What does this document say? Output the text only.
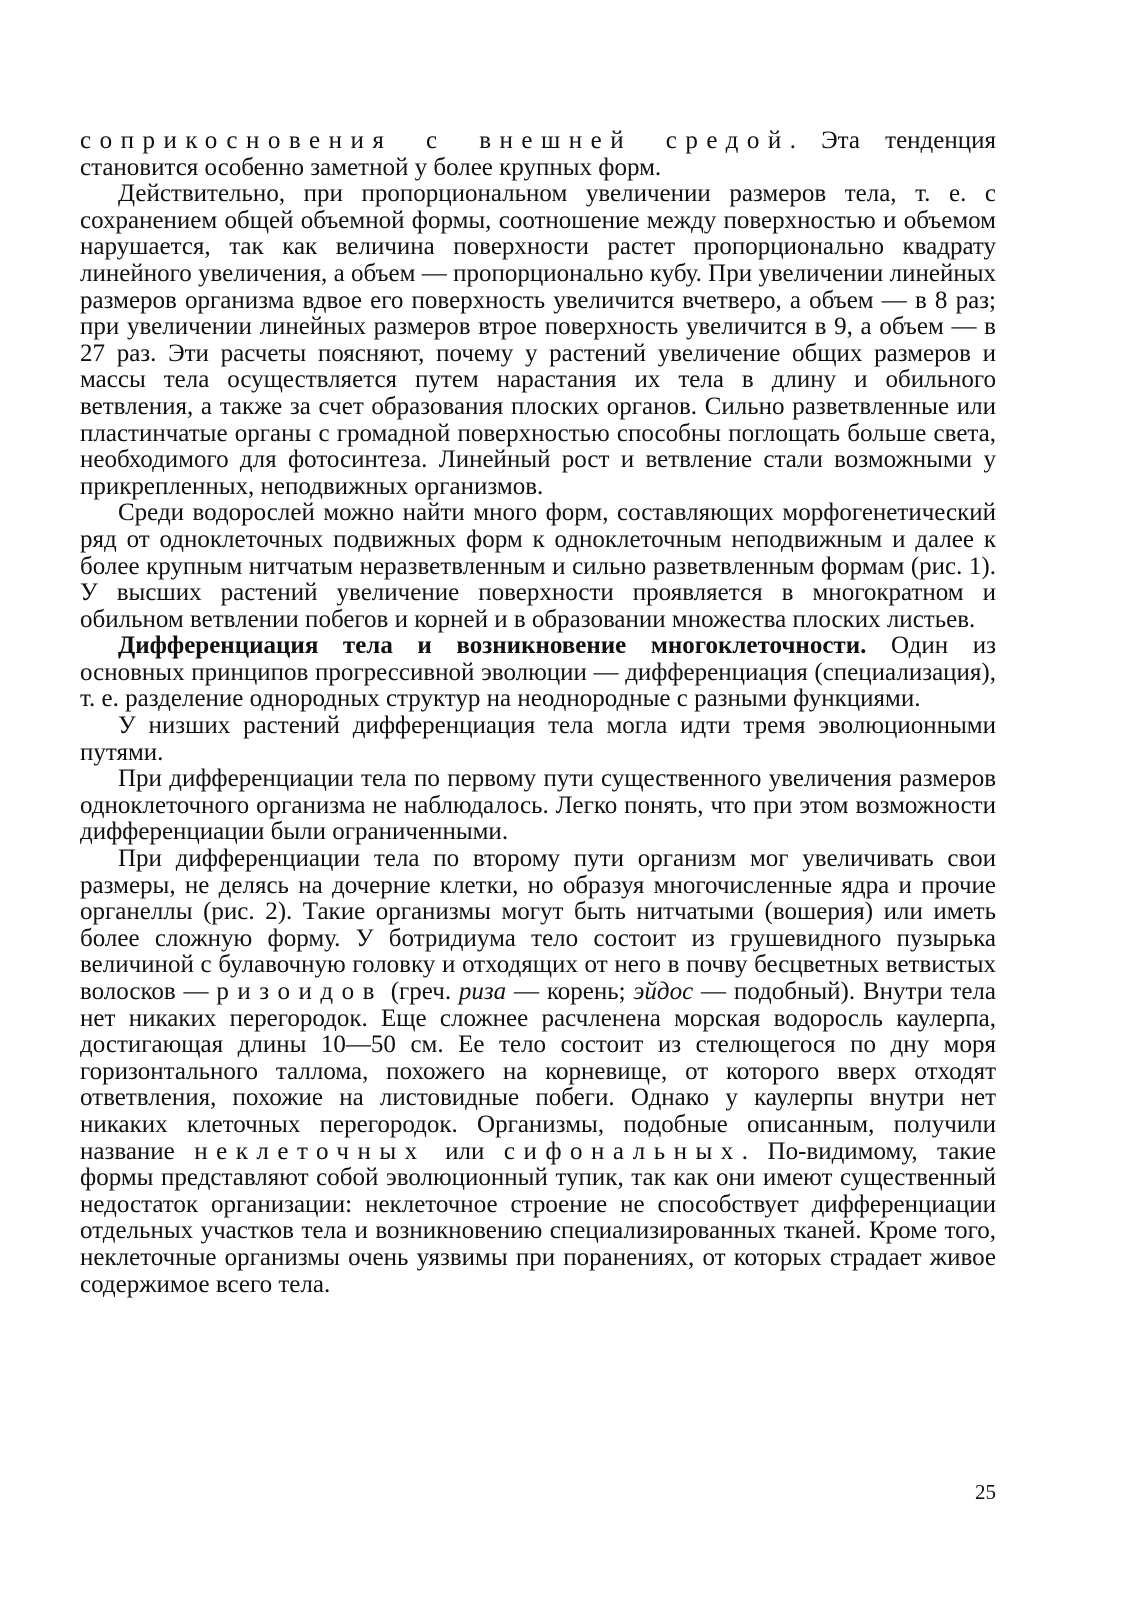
соприкосновения с внешней средой. Эта тенденция становится особенно заметной у более крупных форм.

Действительно, при пропорциональном увеличении размеров тела, т. е. с сохранением общей объемной формы, соотношение между поверхностью и объемом нарушается, так как величина поверхности растет пропорционально квадрату линейного увеличения, а объем — пропорционально кубу. При увеличении линейных размеров организма вдвое его поверхность увеличится вчетверо, а объем — в 8 раз; при увеличении линейных размеров втрое поверхность увеличится в 9, а объем — в 27 раз. Эти расчеты поясняют, почему у растений увеличение общих размеров и массы тела осуществляется путем нарастания их тела в длину и обильного ветвления, а также за счет образования плоских органов. Сильно разветвленные или пластинчатые органы с громадной поверхностью способны поглощать больше света, необходимого для фотосинтеза. Линейный рост и ветвление стали возможными у прикрепленных, неподвижных организмов.

Среди водорослей можно найти много форм, составляющих морфогенетический ряд от одноклеточных подвижных форм к одноклеточным неподвижным и далее к более крупным нитчатым неразветвленным и сильно разветвленным формам (рис. 1). У высших растений увеличение поверхности проявляется в многократном и обильном ветвлении побегов и корней и в образовании множества плоских листьев.

Дифференциация тела и возникновение многоклеточности. Один из основных принципов прогрессивной эволюции — дифференциация (специализация), т. е. разделение однородных структур на неоднородные с разными функциями.

У низших растений дифференциация тела могла идти тремя эволюционными путями.

При дифференциации тела по первому пути существенного увеличения размеров одноклеточного организма не наблюдалось. Легко понять, что при этом возможности дифференциации были ограниченными.

При дифференциации тела по второму пути организм мог увеличивать свои размеры, не делясь на дочерние клетки, но образуя многочисленные ядра и прочие органеллы (рис. 2). Такие организмы могут быть нитчатыми (вошерия) или иметь более сложную форму. У ботридиума тело состоит из грушевидного пузырька величиной с булавочную головку и отходящих от него в почву бесцветных ветвистых волосков — ризоидов (греч. риза — корень; эйдос — подобный). Внутри тела нет никаких перегородок. Еще сложнее расчленена морская водоросль каулерпа, достигающая длины 10—50 см. Ее тело состоит из стелющегося по дну моря горизонтального таллома, похожего на корневище, от которого вверх отходят ответвления, похожие на листовидные побеги. Однако у каулерпы внутри нет никаких клеточных перегородок. Организмы, подобные описанным, получили название неклеточных или сифональных. По-видимому, такие формы представляют собой эволюционный тупик, так как они имеют существенный недостаток организации: неклеточное строение не способствует дифференциации отдельных участков тела и возникновению специализированных тканей. Кроме того, неклеточные организмы очень уязвимы при поранениях, от которых страдает живое содержимое всего тела.

25
